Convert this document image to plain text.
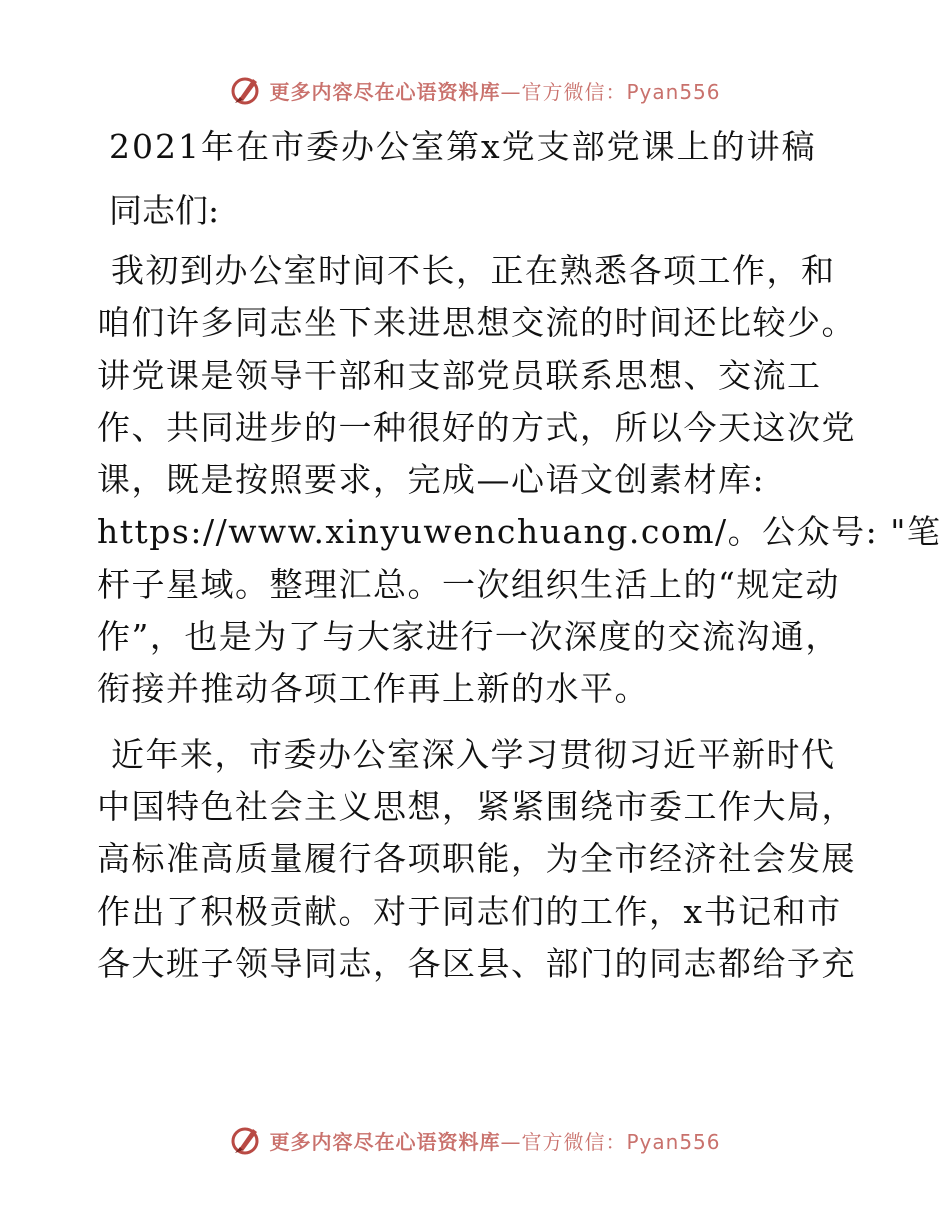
更多内容尽在心语资料库—官方微信：Pyan556
2021年在市委办公室第x党支部党课上的讲稿
同志们:
我初到办公室时间不长，正在熟悉各项工作，和
咱们许多同志坐下来进思想交流的时间还比较少。
讲党课是领导干部和支部党员联系思想、交流工
作、共同进步的一种很好的方式，所以今天这次党
课，既是按照要求，完成—心语文创素材库:
https://www.xinyuwenchuang.com/。公众号: "笔
杆子星域。整理汇总。一次组织生活上的“规定动
作”，也是为了与大家进行一次深度的交流沟通，
衔接并推动各项工作再上新的水平。
近年来，市委办公室深入学习贯彻习近平新时代
中国特色社会主义思想，紧紧围绕市委工作大局，
高标准高质量履行各项职能，为全市经济社会发展
作出了积极贡献。对于同志们的工作，x书记和市
各大班子领导同志，各区县、部门的同志都给予充
更多内容尽在心语资料库—官方微信：Pyan556
